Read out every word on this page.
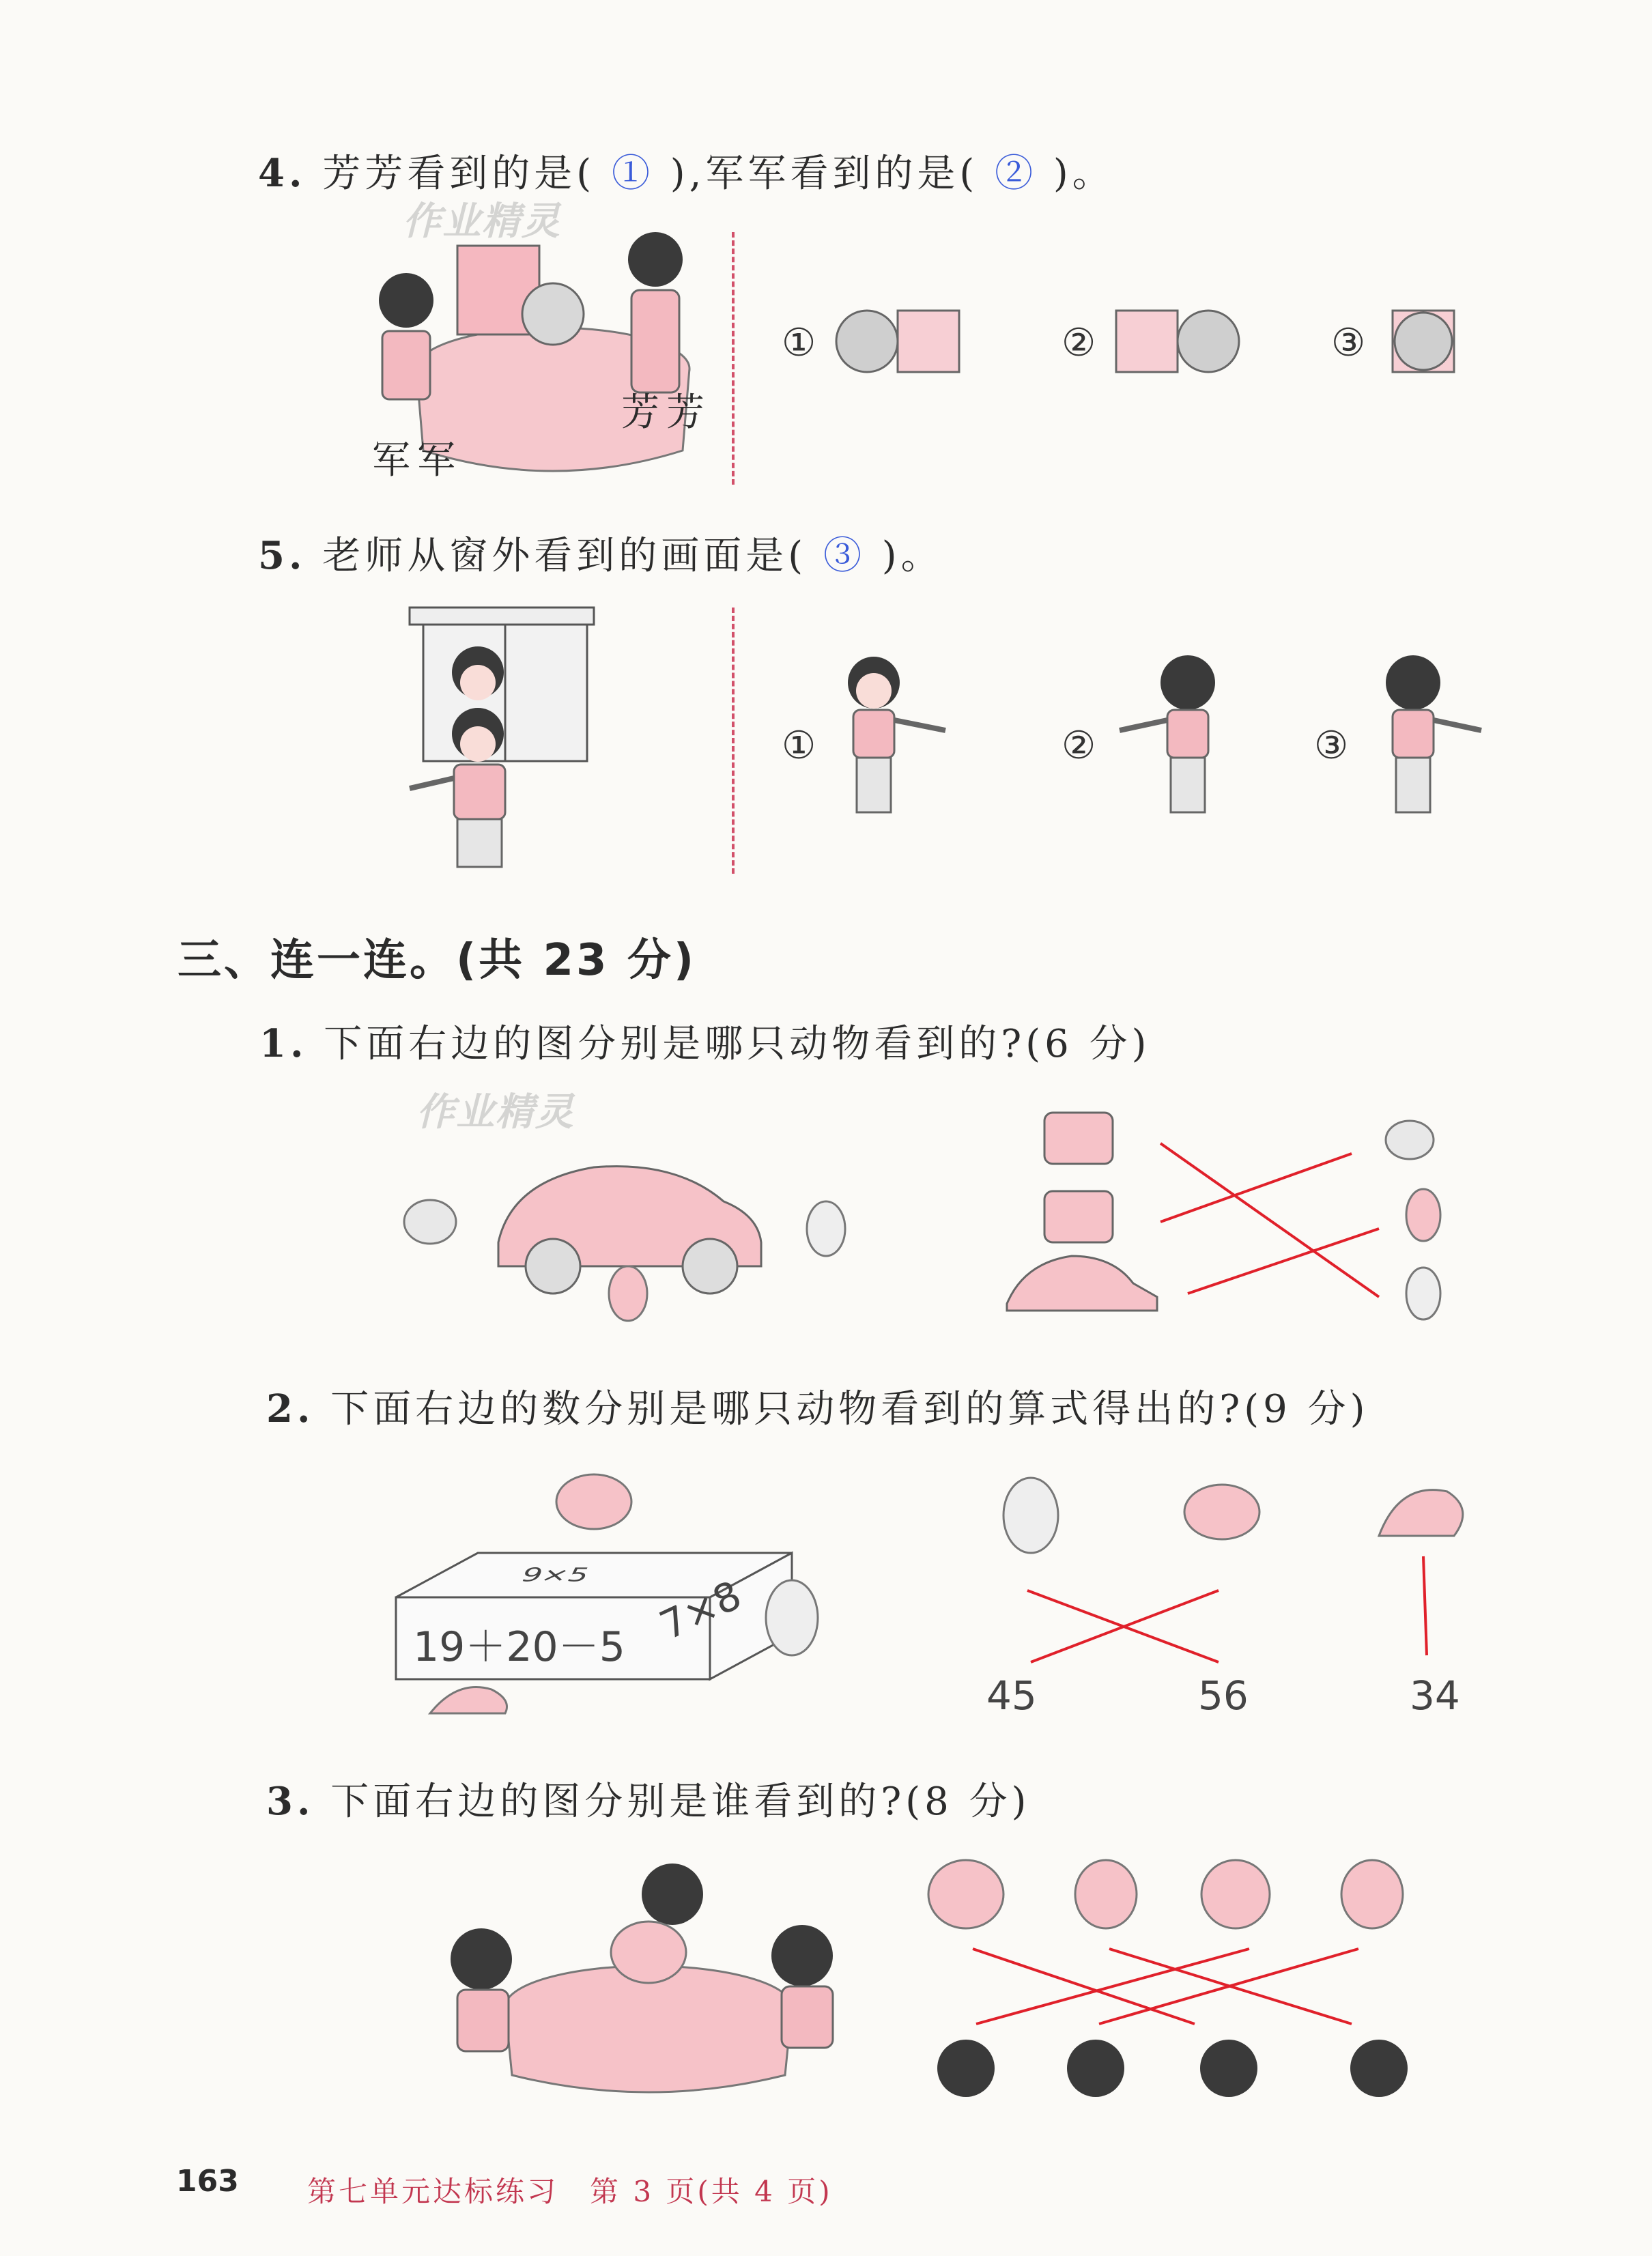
4. 芳芳看到的是( ① ),军军看到的是( ② )。
作业精灵
芳芳
军军
①	②	③
5. 老师从窗外看到的画面是( ③ )。
①	②	③
三、连一连。(共 23 分)
1. 下面右边的图分别是哪只动物看到的?(6 分)
作业精灵
2. 下面右边的数分别是哪只动物看到的算式得出的?(9 分)
19＋20－5
9×5 7×8
45	56	34
3. 下面右边的图分别是谁看到的?(8 分)
163 第七单元达标练习　第 3 页(共 4 页)
